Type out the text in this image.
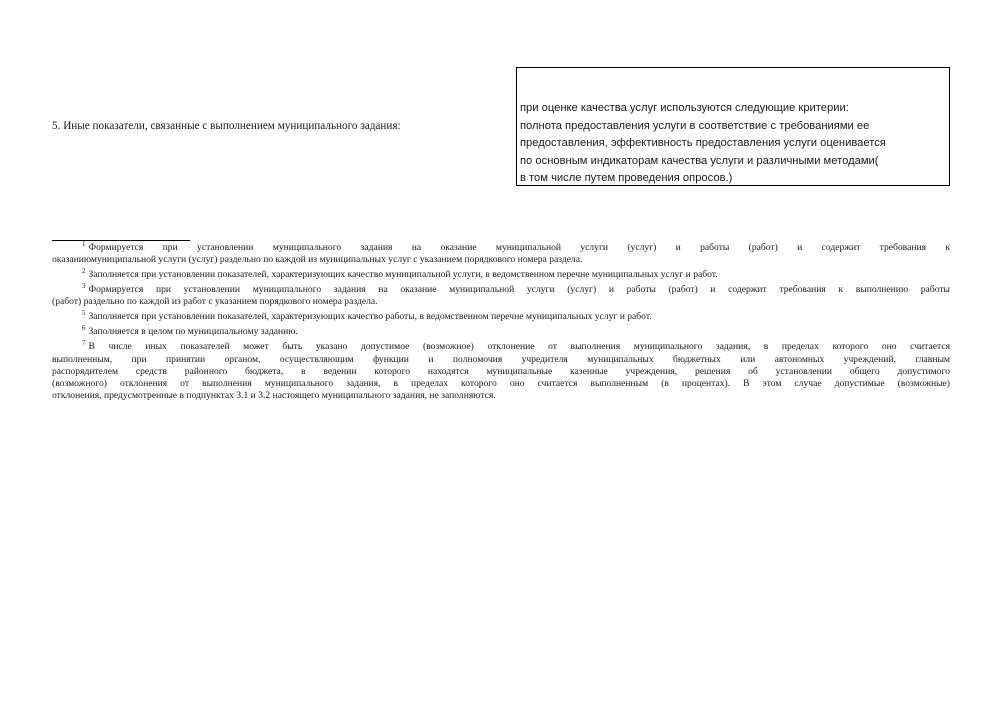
5. Иные показатели, связанные с выполнением муниципального задания:
при оценке качества услуг используются следующие критерии:
полнота предоставления услуги в соответствие с требованиями ее
предоставления, эффективность предоставления услуги оценивается
по основным индикаторам качества услуги и различными методами(
в том числе путем проведения опросов.)
$^1$ Формируется при установлении муниципального задания на оказание муниципальной услуги (услуг) и работы (работ) и содержит требования к
оказаниюмуниципальной услуги (услуг) раздельно по каждой из муниципальных услуг с указанием порядкового номера раздела.
$^2$ Заполняется при установлении показателей, характеризующих качество муниципальной услуги, в ведомственном перечне муниципальных услуг и работ.
$^3$ Формируется при установлении муниципального задания на оказание муниципальной услуги (услуг) и работы (работ) и содержит требования к выполнению работы
(работ) раздельно по каждой из работ с указанием порядкового номера раздела.
$^5$ Заполняется при установлении показателей, характеризующих качество работы, в ведомственном перечне муниципальных услуг и работ.
$^6$ Заполняется в целом по муниципальному заданию.
$^7$ В числе иных показателей может быть указано допустимое (возможное) отклонение от выполнения муниципального задания, в пределах которого оно считается
выполненным, при принятии органом, осуществляющим функции и полномочия учредителя муниципальных бюджетных или автономных учреждений, главным
распорядителем средств районного бюджета, в ведении которого находятся муниципальные казенные учреждения, решения об установлении общего допустимого
(возможного) отклонения от выполнения муниципального задания, в пределах которого оно считается выполненным (в процентах). В этом случае допустимые (возможные)
отклонения, предусмотренные в подпунктах 3.1 и 3.2 настоящего муниципального задания, не заполняются.
